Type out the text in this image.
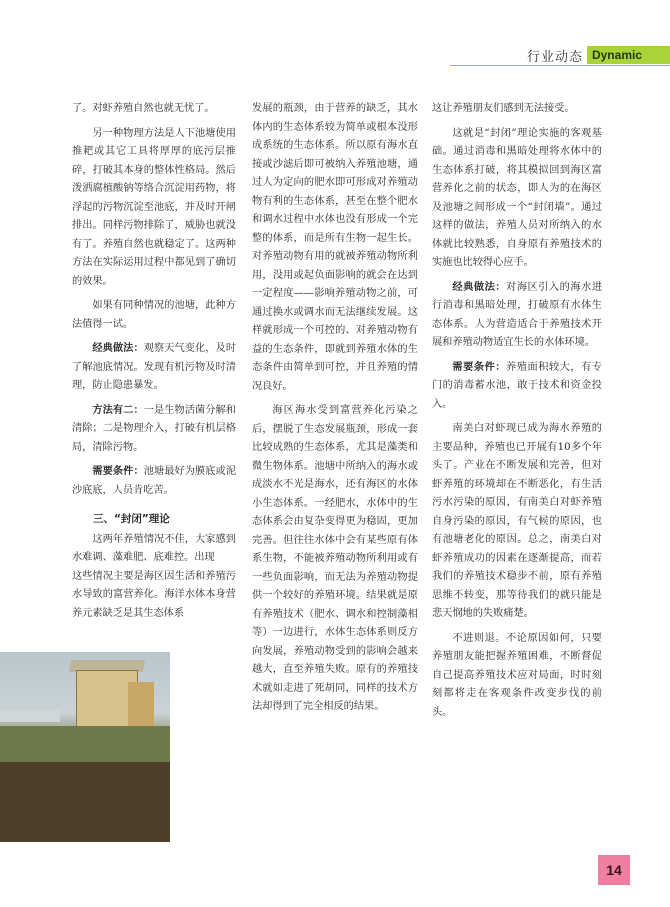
行业动态 Dynamic

了。对虾养殖自然也就无忧了。

另一种物理方法是人下池塘使用推耙或其它工具将厚厚的底污层推碎，打破其本身的整体性格局。然后泼洒腐植酸钠等络合沉淀用药物，将浮起的污物沉淀至池底，并及时开闸排出。同样污物排除了，威胁也就没有了。养殖自然也就稳定了。这两种方法在实际运用过程中都见到了确切的效果。

如果有同种情况的池塘，此种方法值得一试。

经典做法：观察天气变化，及时了解池底情况。发现有机污物及时清理，防止隐患暴发。

方法有二：一是生物活菌分解和清除；二是物理介入，打破有机层格局，清除污物。

需要条件：池塘最好为膜底或泥沙底底，人员肯吃苦。

三、“封闭”理论

这两年养殖情况不佳，大家感到水难调、藻难肥、底难控。出现

这些情况主要是海区因生活和养殖污水导致的富营养化。海洋水体本身营养元素缺乏是其生态体系

发展的瓶颈，由于营养的缺乏，其水体内的生态体系较为简单或根本没形成系统的生态体系。所以原有海水直接或沙滤后即可被纳入养殖池塘，通过人为定向的肥水即可形成对养殖动物有利的生态体系，甚至在整个肥水和调水过程中水体也没有形成一个完整的体系，而是所有生物一起生长。对养殖动物有用的就被养殖动物所利用，没用或起负面影响的就会在达到一定程度——影响养殖动物之前，可通过换水或调水而无法继续发展。这样就形成一个可控的、对养殖动物有益的生态条件，即就到养殖水体的生态条件由简单到可控，并且养殖的情况良好。

海区海水受到富营养化污染之后，摆脱了生态发展瓶颈，形成一套比较成熟的生态体系，尤其是藻类和微生物体系。池塘中所纳入的海水或成淡水不光是海水，还有海区的水体小生态体系。一经肥水，水体中的生态体系会由复杂变得更为稳固，更加完善。但往往水体中会有某些原有体系生物，不能被养殖动物所利用或有一些负面影响，而无法为养殖动物提供一个较好的养殖环境。结果就是原有养殖技术（肥水、调水和控制藻相等）一边进行，水体生态体系则反方向发展，养殖动物受到的影响会越来越大，直至养殖失败。原有的养殖技术就如走进了死胡同，同样的技术方法却得到了完全相反的结果。

这让养殖朋友们感到无法接受。

这就是“封闭”理论实施的客观基础。通过消毒和黑暗处理将水体中的生态体系打破，将其模拟回到海区富营养化之前的状态，即人为的在海区及池塘之间形成一个“封闭墙”。通过这样的做法，养殖人员对所纳入的水体就比较熟悉，自身原有养殖技术的实施也比较得心应手。

经典做法：对海区引入的海水进行消毒和黑暗处理，打破原有水体生态体系。人为营造适合于养殖技术开展和养殖动物适宜生长的水体环境。

需要条件：养殖面积较大，有专门的消毒蓄水池，敢于技术和资金投入。

南美白对虾现已成为海水养殖的主要品种，养殖也已开展有10多个年头了。产业在不断发展和完善，但对虾养殖的环境却在不断恶化，有生活污水污染的原因，有南美白对虾养殖自身污染的原因，有气候的原因，也有池塘老化的原因。总之，南美白对虾养殖成功的因素在逐渐提高，而若我们的养殖技术稳步不前，原有养殖思维不转变，那等待我们的就只能是悲天悯地的失败痛楚。

不进则退。不论原因如何，只要养殖朋友能把握养殖困难，不断督促自己提高养殖技术应对局面，时时刻刻都将走在客观条件改变步伐的前头。

14
